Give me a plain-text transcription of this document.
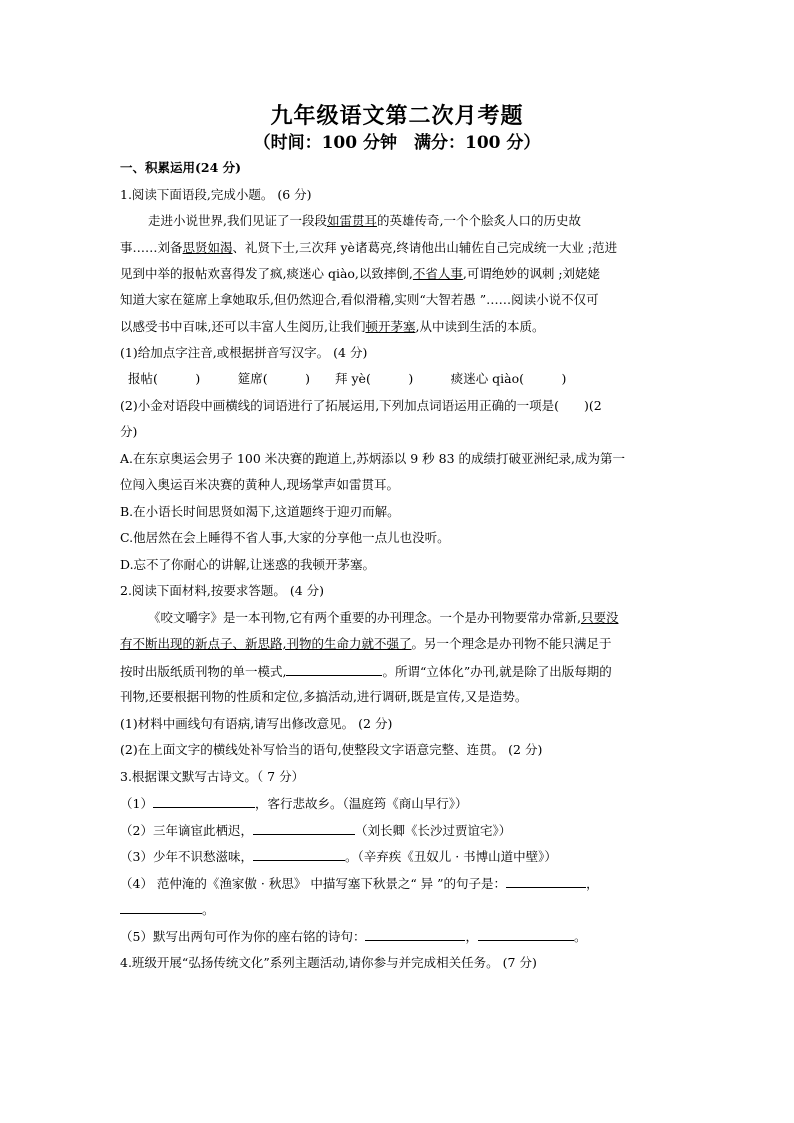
九年级语文第二次月考题
（时间：100 分钟　满分：100 分）
一、积累运用(24 分)
1.阅读下面语段,完成小题。 (6 分)
走进小说世界,我们见证了一段段如雷贯耳的英雄传奇,一个个脍炙人口的历史故
事……刘备思贤如渴、礼贤下士,三次拜 yè诸葛亮,终请他出山辅佐自己完成统一大业 ;范进
见到中举的报帖欢喜得发了疯,痰迷心 qiào,以致摔倒,不省人事,可谓绝妙的讽刺 ;刘姥姥
知道大家在筵席上拿她取乐,但仍然迎合,看似滑稽,实则“大智若愚 ”……阅读小说不仅可
以感受书中百味,还可以丰富人生阅历,让我们顿开茅塞,从中读到生活的本质。
(1)给加点字注音,或根据拼音写汉字。 (4 分)
报帖(　　　)　　　筵席(　　　)　　拜 yè(　　　)　　　痰迷心 qiào(　　　)
(2)小金对语段中画横线的词语进行了拓展运用,下列加点词语运用正确的一项是(　　)(2
分)
A.在东京奥运会男子 100 米决赛的跑道上,苏炳添以 9 秒 83 的成绩打破亚洲纪录,成为第一
位闯入奥运百米决赛的黄种人,现场掌声如雷贯耳。
B.在小语长时间思贤如渴下,这道题终于迎刃而解。
C.他居然在会上睡得不省人事,大家的分享他一点儿也没听。
D.忘不了你耐心的讲解,让迷惑的我顿开茅塞。
2.阅读下面材料,按要求答题。 (4 分)
《咬文嚼字》是一本刊物,它有两个重要的办刊理念。一个是办刊物要常办常新,只要没
有不断出现的新点子、新思路,刊物的生命力就不强了。另一个理念是办刊物不能只满足于
按时出版纸质刊物的单一模式,	。所谓“立体化”办刊,就是除了出版每期的
刊物,还要根据刊物的性质和定位,多搞活动,进行调研,既是宣传,又是造势。
(1)材料中画线句有语病,请写出修改意见。 (2 分)
(2)在上面文字的横线处补写恰当的语句,使整段文字语意完整、连贯。 (2 分)
3.根据课文默写古诗文。（ 7 分）
（1）	，客行悲故乡。（温庭筠《商山早行》）
（2）三年谪宦此栖迟，	（刘长卿《长沙过贾谊宅》）
（3）少年不识愁滋味，	。（辛弃疾《丑奴儿 · 书博山道中壁》）
（4） 范仲淹的《渔家傲 · 秋思》 中描写塞下秋景之“ 异 ”的句子是：	，
。
（5）默写出两句可作为你的座右铭的诗句：	，	。
4.班级开展“弘扬传统文化”系列主题活动,请你参与并完成相关任务。 (7 分)
